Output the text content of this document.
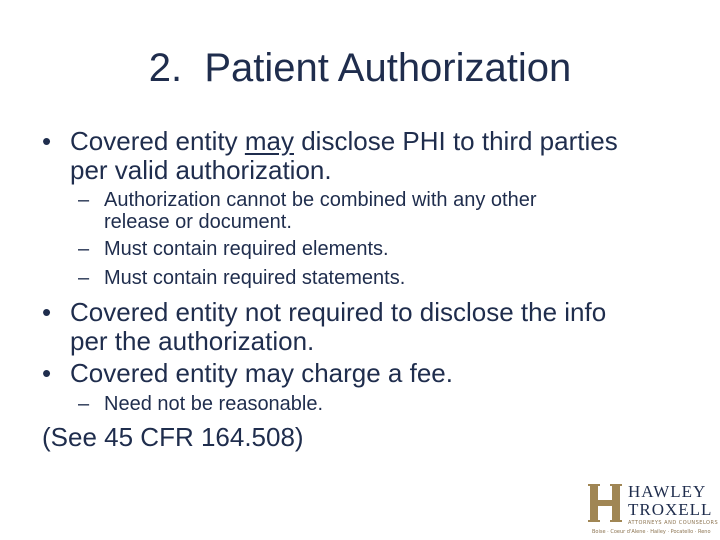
2.  Patient Authorization
• Covered entity may disclose PHI to third parties
per valid authorization.
– Authorization cannot be combined with any other
release or document.
– Must contain required elements.
– Must contain required statements.
• Covered entity not required to disclose the info
per the authorization.
• Covered entity may charge a fee.
– Need not be reasonable.
(See 45 CFR 164.508)
HAWLEY
TROXELL
ATTORNEYS AND COUNSELORS
Boise · Coeur d'Alene · Hailey · Pocatello · Reno
